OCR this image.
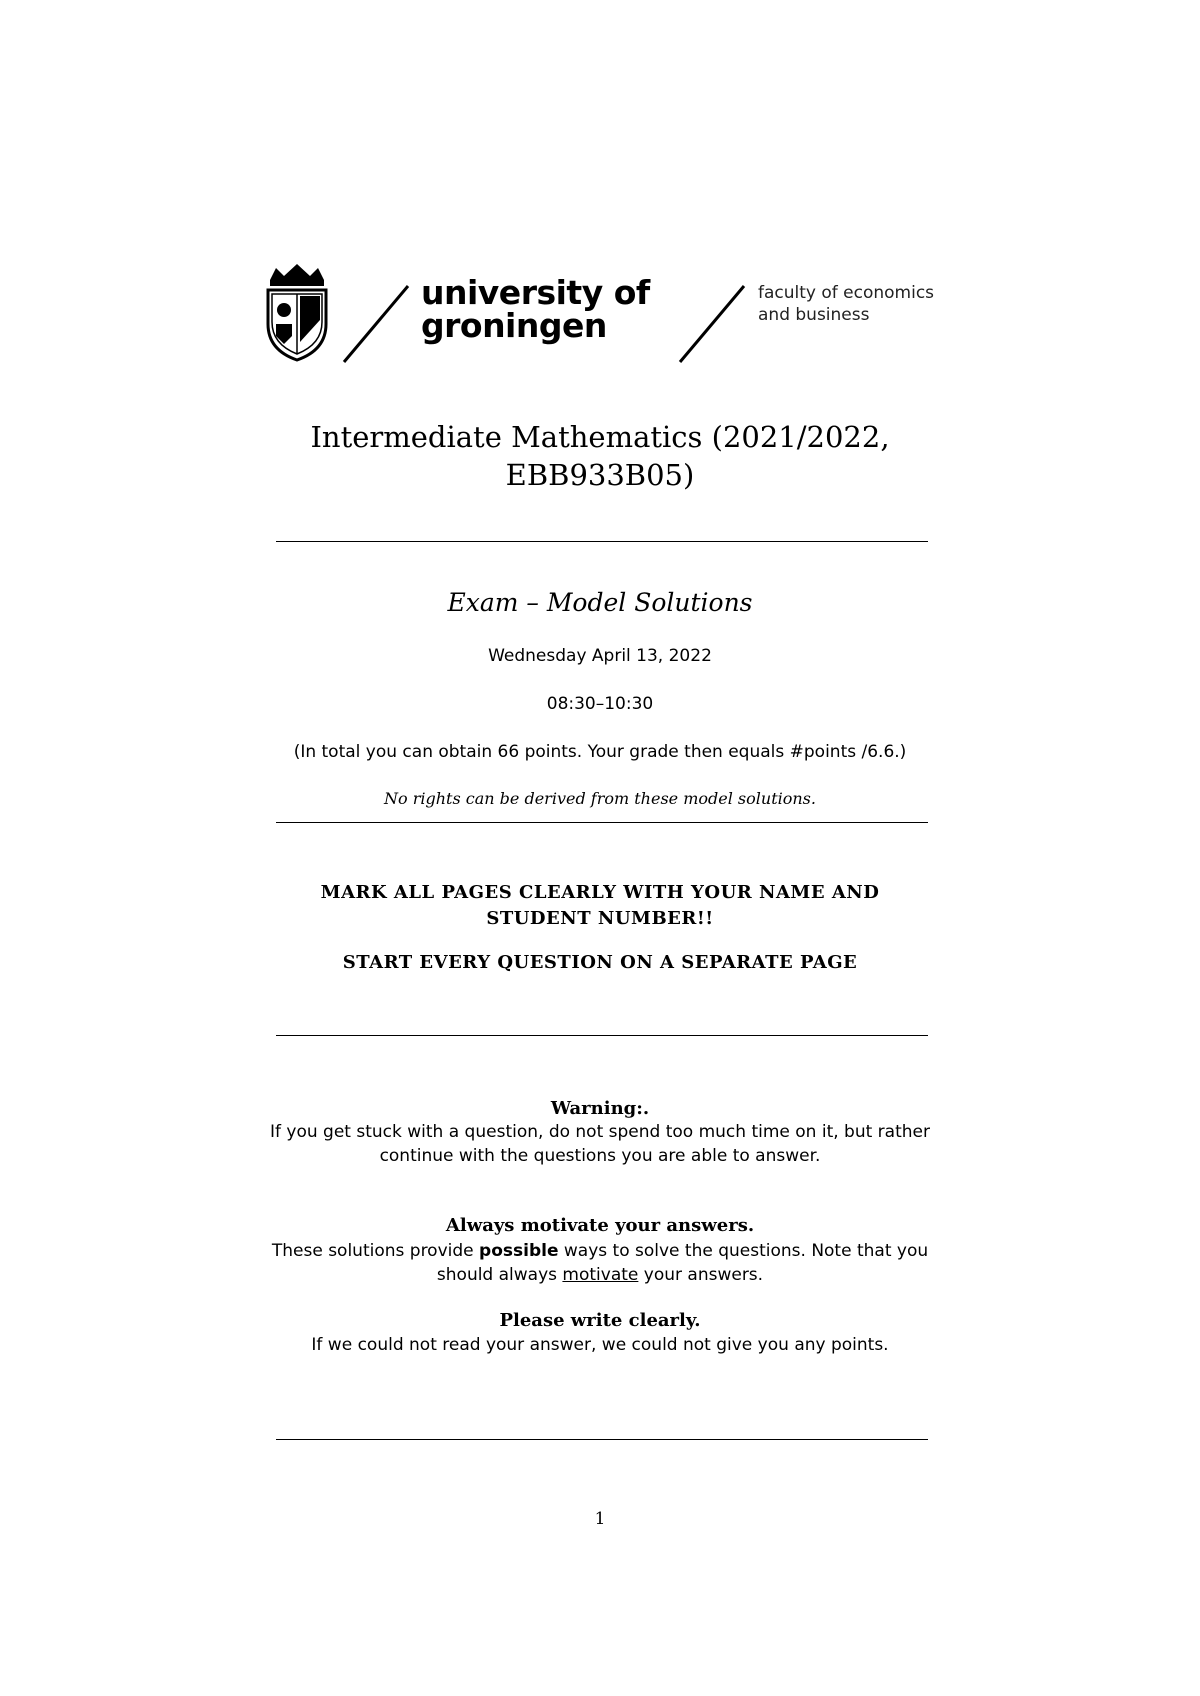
university of
groningen
faculty of economics
and business
Intermediate Mathematics (2021/2022,
EBB933B05)
Exam – Model Solutions
Wednesday April 13, 2022
08:30–10:30
(In total you can obtain 66 points. Your grade then equals #points /6.6.)
No rights can be derived from these model solutions.
MARK ALL PAGES CLEARLY WITH YOUR NAME AND
STUDENT NUMBER!!
START EVERY QUESTION ON A SEPARATE PAGE
Warning:.
If you get stuck with a question, do not spend too much time on it, but rather
continue with the questions you are able to answer.
Always motivate your answers.
These solutions provide possible ways to solve the questions. Note that you
should always motivate your answers.
Please write clearly.
If we could not read your answer, we could not give you any points.
1
